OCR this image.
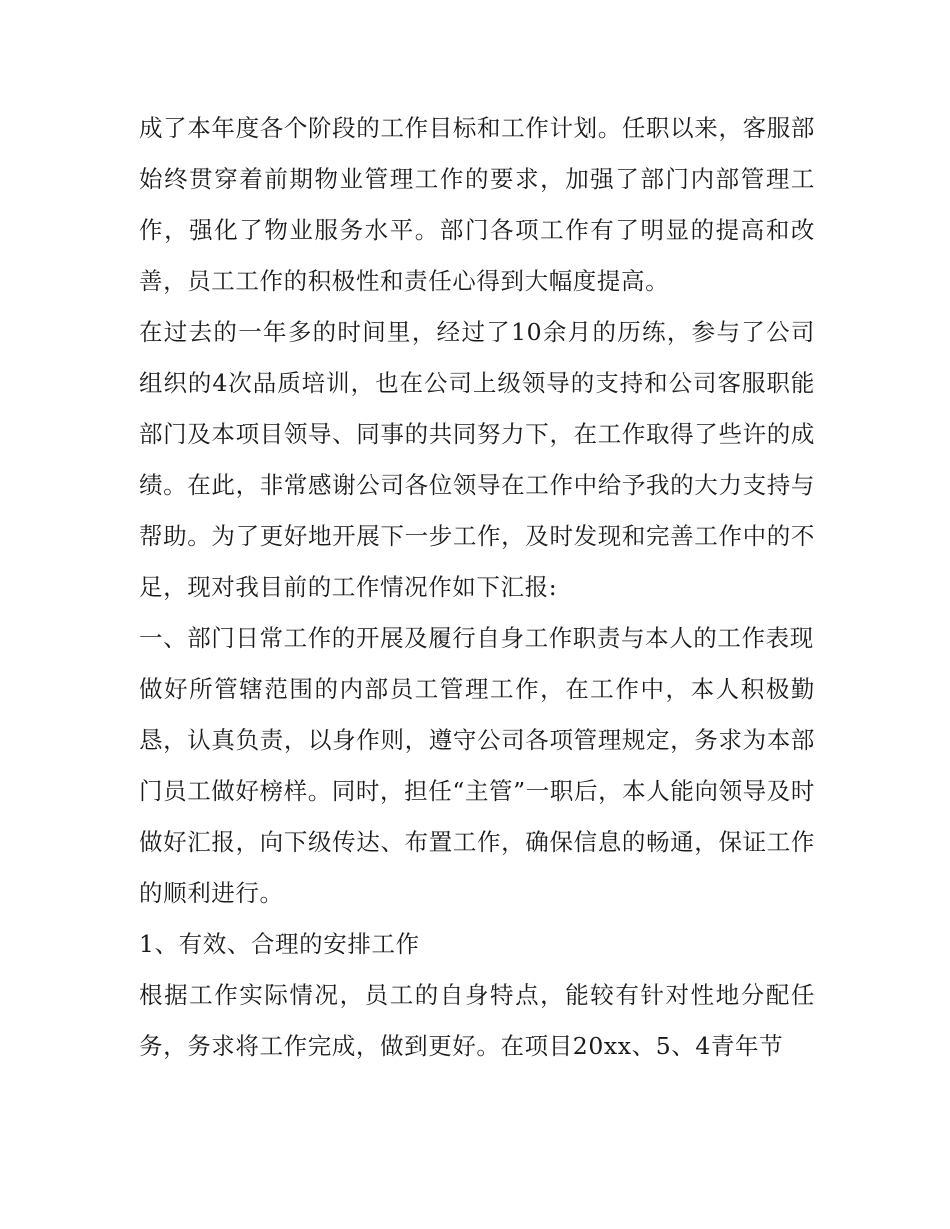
成了本年度各个阶段的工作目标和工作计划。任职以来，客服部始终贯穿着前期物业管理工作的要求，加强了部门内部管理工作，强化了物业服务水平。部门各项工作有了明显的提高和改善，员工工作的积极性和责任心得到大幅度提高。

在过去的一年多的时间里，经过了10余月的历练，参与了公司组织的4次品质培训，也在公司上级领导的支持和公司客服职能部门及本项目领导、同事的共同努力下，在工作取得了些许的成绩。在此，非常感谢公司各位领导在工作中给予我的大力支持与帮助。为了更好地开展下一步工作，及时发现和完善工作中的不足，现对我目前的工作情况作如下汇报:

一、部门日常工作的开展及履行自身工作职责与本人的工作表现

做好所管辖范围的内部员工管理工作，在工作中，本人积极勤恳，认真负责，以身作则，遵守公司各项管理规定，务求为本部门员工做好榜样。同时，担任“主管”一职后，本人能向领导及时做好汇报，向下级传达、布置工作，确保信息的畅通，保证工作的顺利进行。

1、有效、合理的安排工作

根据工作实际情况，员工的自身特点，能较有针对性地分配任务，务求将工作完成，做到更好。在项目20xx、5、4青年节
